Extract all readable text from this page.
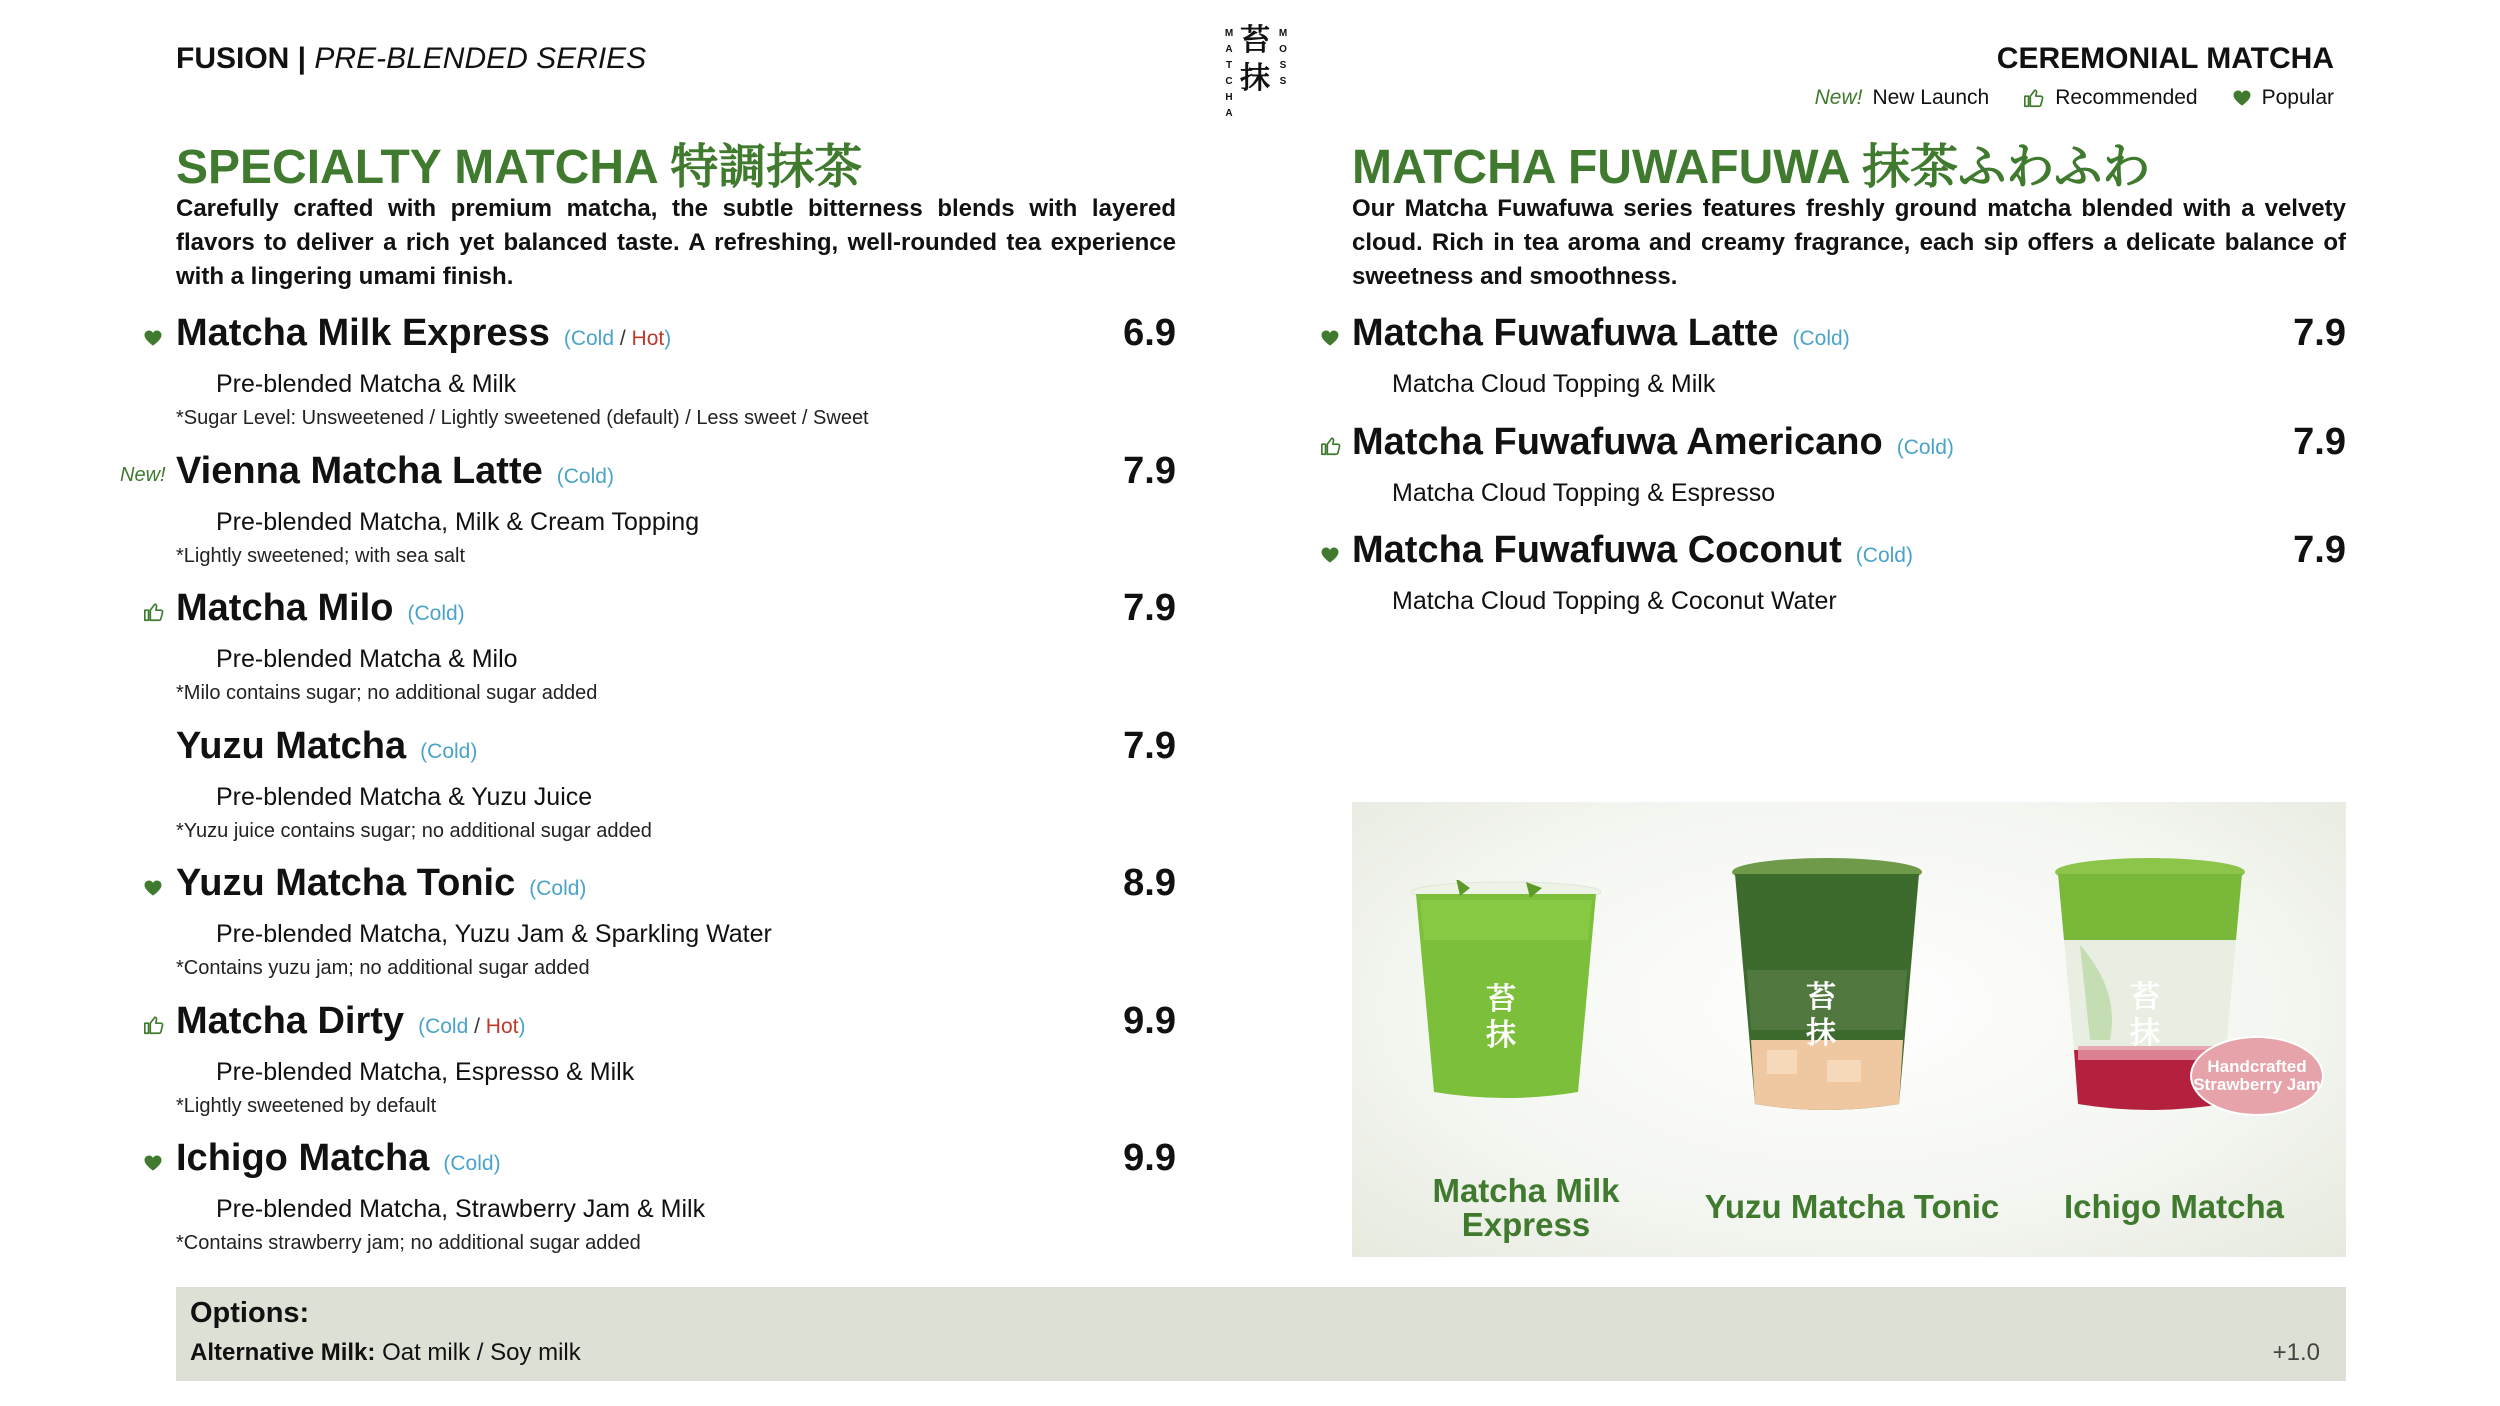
FUSION | PRE-BLENDED SERIES
M
A
T
C
H
A
苔
抹
M
O
S
S
CEREMONIAL MATCHA
New! New Launch	Recommended	Popular
SPECIALTY MATCHA 特調抹茶
Carefully crafted with premium matcha, the subtle bitterness blends with layered flavors to deliver a rich yet balanced taste. A refreshing, well-rounded tea experience with a lingering umami finish.
Matcha Milk Express (Cold / Hot)	6.9
Pre-blended Matcha & Milk
*Sugar Level: Unsweetened / Lightly sweetened (default) / Less sweet / Sweet
Vienna Matcha Latte (Cold)	7.9
Pre-blended Matcha, Milk & Cream Topping
*Lightly sweetened; with sea salt
New!
Matcha Milo (Cold)	7.9
Pre-blended Matcha & Milo
*Milo contains sugar; no additional sugar added
Yuzu Matcha (Cold)	7.9
Pre-blended Matcha & Yuzu Juice
*Yuzu juice contains sugar; no additional sugar added
Yuzu Matcha Tonic (Cold)	8.9
Pre-blended Matcha, Yuzu Jam & Sparkling Water
*Contains yuzu jam; no additional sugar added
Matcha Dirty (Cold / Hot)	9.9
Pre-blended Matcha, Espresso & Milk
*Lightly sweetened by default
Ichigo Matcha (Cold)	9.9
Pre-blended Matcha, Strawberry Jam & Milk
*Contains strawberry jam; no additional sugar added
MATCHA FUWAFUWA 抹茶ふわふわ
Our Matcha Fuwafuwa series features freshly ground matcha blended with a velvety cloud. Rich in tea aroma and creamy fragrance, each sip offers a delicate balance of sweetness and smoothness.
Matcha Fuwafuwa Latte (Cold)	7.9
Matcha Cloud Topping & Milk
Matcha Fuwafuwa Americano (Cold)	7.9
Matcha Cloud Topping & Espresso
Matcha Fuwafuwa Coconut (Cold)	7.9
Matcha Cloud Topping & Coconut Water
苔
抹
苔
抹
苔
抹
Handcrafted Strawberry Jam
Matcha Milk Express	Yuzu Matcha Tonic	Ichigo Matcha
Options:
Alternative Milk: Oat milk / Soy milk	+1.0
